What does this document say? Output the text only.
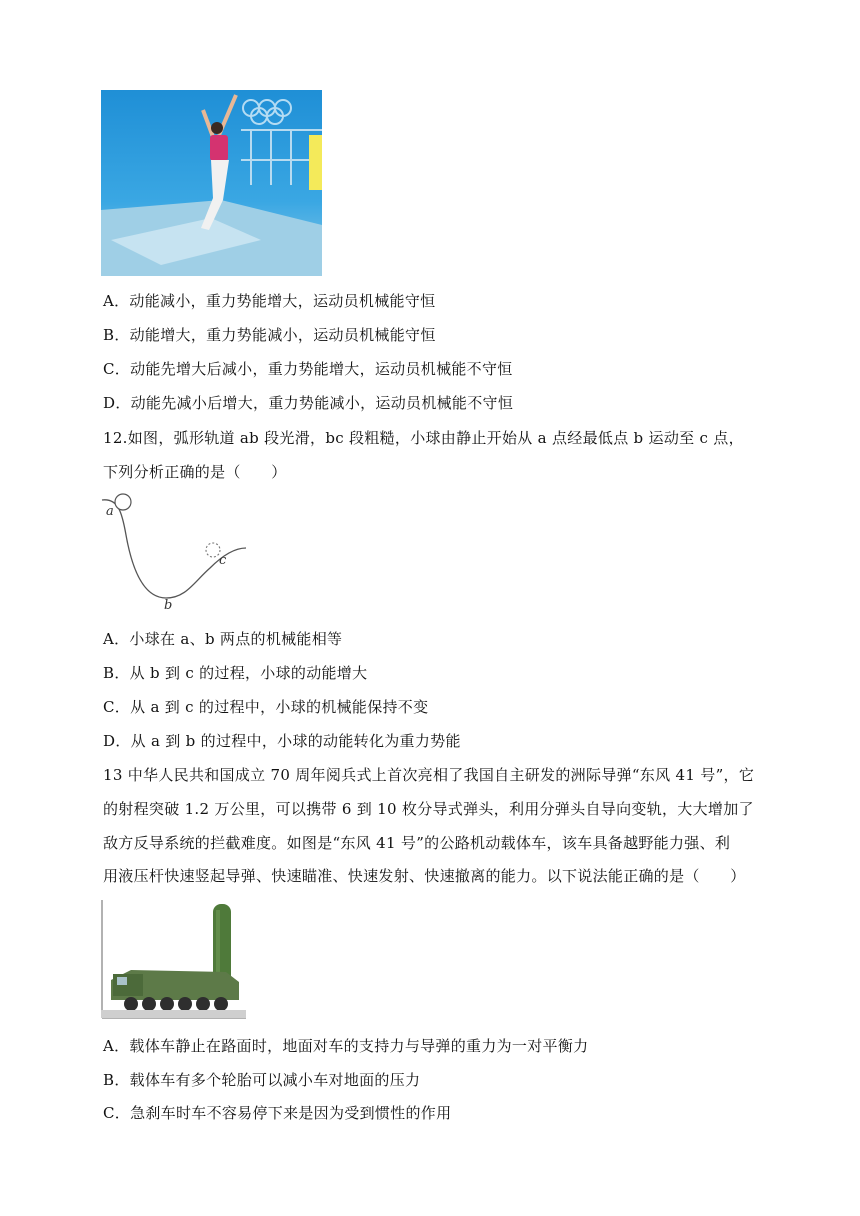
A．动能减小，重力势能增大，运动员机械能守恒
B．动能增大，重力势能减小，运动员机械能守恒
C．动能先增大后减小，重力势能增大，运动员机械能不守恒
D．动能先减小后增大，重力势能减小，运动员机械能不守恒
12.如图，弧形轨道 ab 段光滑，bc 段粗糙，小球由静止开始从 a 点经最低点 b 运动至 c 点，
下列分析正确的是（　　）
a
b
c
A．小球在 a、b 两点的机械能相等
B．从 b 到 c 的过程，小球的动能增大
C．从 a 到 c 的过程中，小球的机械能保持不变
D．从 a 到 b 的过程中，小球的动能转化为重力势能
13 中华人民共和国成立 70 周年阅兵式上首次亮相了我国自主研发的洲际导弹“东风 41 号”，它
的射程突破 1.2 万公里，可以携带 6 到 10 枚分导式弹头，利用分弹头自导向变轨，大大增加了
敌方反导系统的拦截难度。如图是“东风 41 号”的公路机动载体车，该车具备越野能力强、利
用液压杆快速竖起导弹、快速瞄准、快速发射、快速撤离的能力。以下说法能正确的是（　　）
A．载体车静止在路面时，地面对车的支持力与导弹的重力为一对平衡力
B．载体车有多个轮胎可以减小车对地面的压力
C．急刹车时车不容易停下来是因为受到惯性的作用
